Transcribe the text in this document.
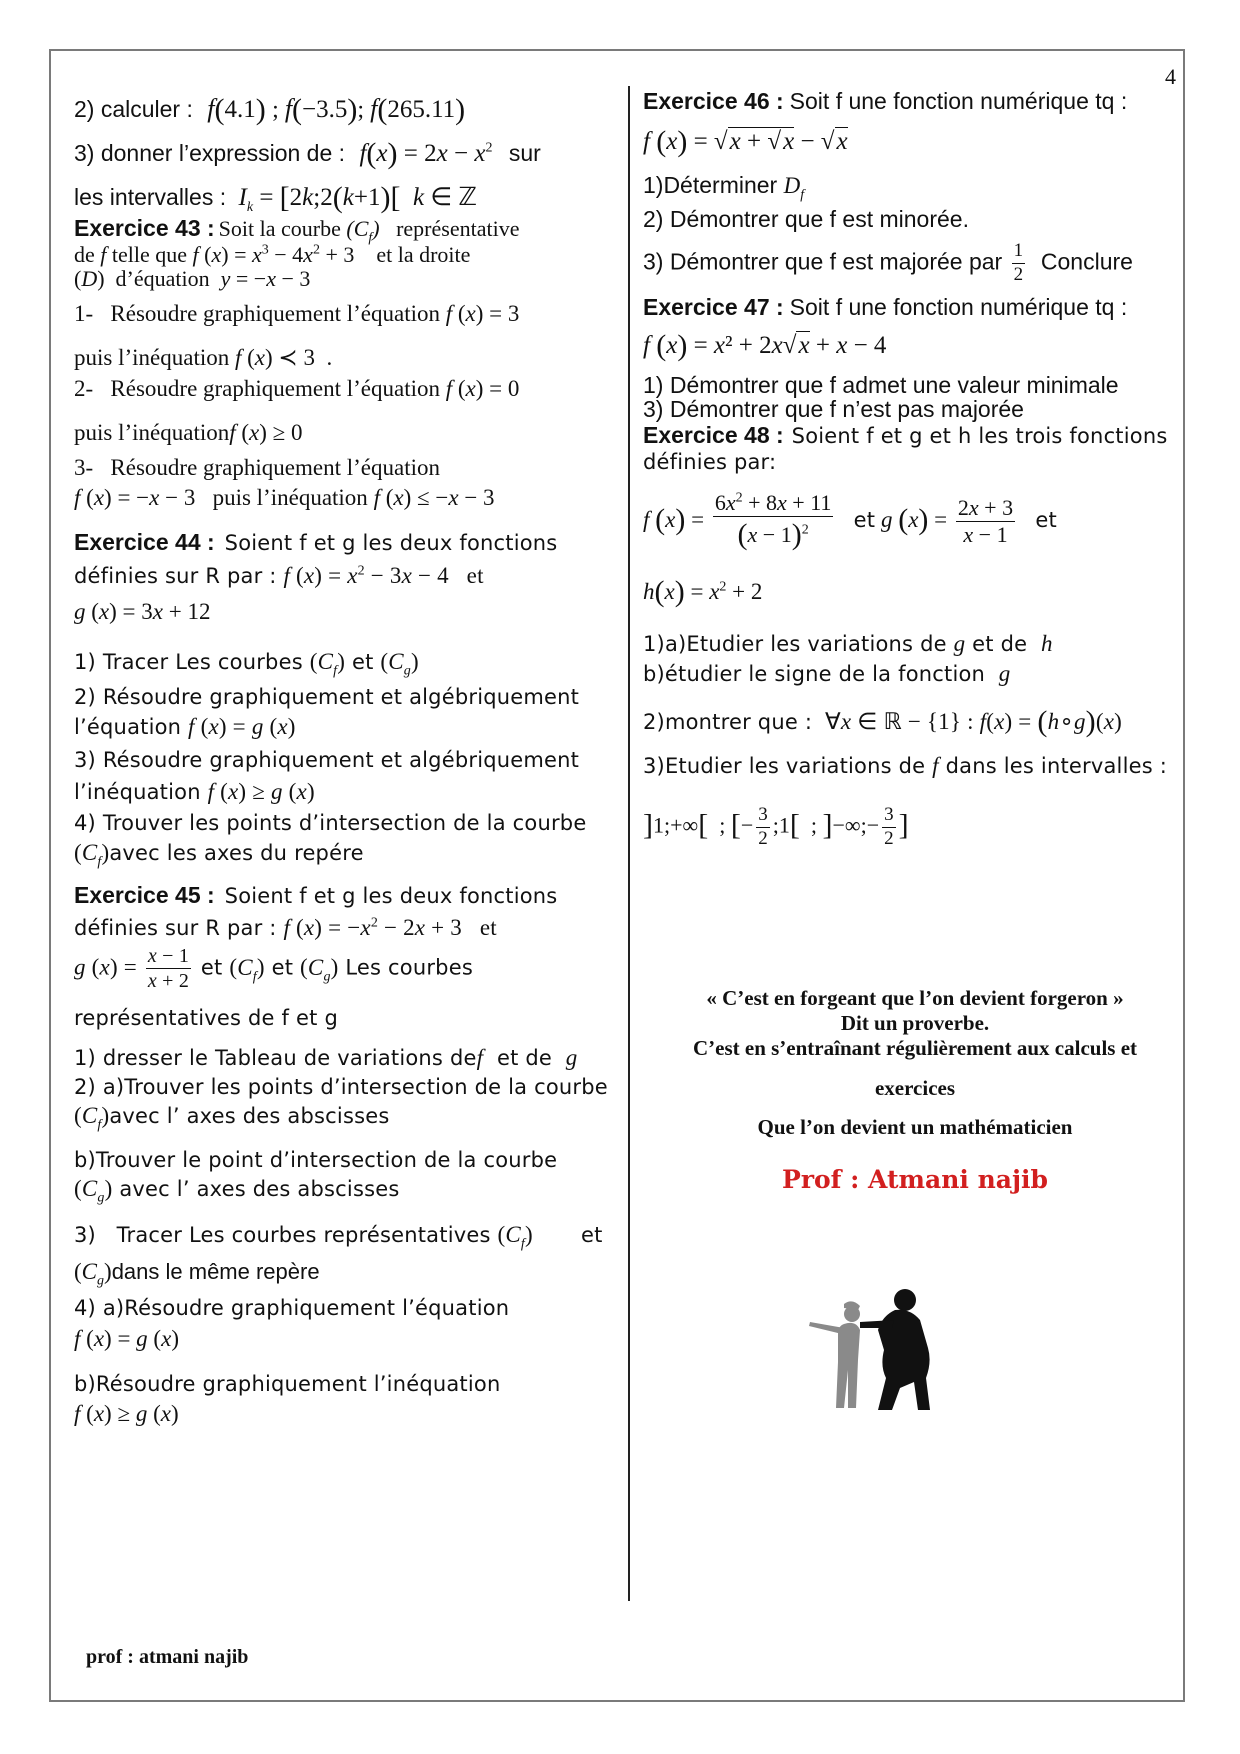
4
2) calculer : f(4.1) ; f(−3.5); f(265.11)
3) donner l’expression de : $f(x) = 2x - x^2$ sur
les intervalles : $I_k$ = [2k;2(k+1)[ k ∈ ℤ
Exercice 43 : Soit la courbe $(C_f)$   représentative
de f telle que f $(x) = x^3 - 4x^2 + 3$    et la droite
(D)  d’équation  y = −x − 3
1-   Résoudre graphiquement l’équation f (x) = 3
puis l’inéquation f (x) ≺ 3  .
2-   Résoudre graphiquement l’équation f (x) = 0
puis l’inéquationf (x) ≥ 0
3-   Résoudre graphiquement l’équation
f (x) = −x − 3   puis l’inéquation f (x) ≤ −x − 3
Exercice 44 : Soient f et g les deux fonctions
définies sur R par : f $(x) = x^2 - 3x - 4$   et
g (x) = 3x + 12
1) Tracer Les courbes $(C_f)$ et $(C_g)$
2) Résoudre graphiquement et algébriquement
l’équation f (x) = g (x)
3) Résoudre graphiquement et algébriquement
l’inéquation f (x) ≥ g (x)
4) Trouver les points d’intersection de la courbe
$(C_f)avec$ les axes du repére
Exercice 45 : Soient f et g les deux fonctions
définies sur R par : f $(x) = -x^2 - 2x + 3$   et
g $(x) = \frac{x - 1}{x + 2}$ et $(C_f)$ et $(C_g)$ Les courbes
représentatives de f et g
1) dresser le Tableau de variations def  et de  g
2) a)Trouver les points d’intersection de la courbe
$(C_f)avec$ l’ axes des abscisses
b)Trouver le point d’intersection de la courbe
$(C_g)$ avec l’ axes des abscisses
3)   Tracer Les courbes représentatives $(C_f)$       et
$(C_g)dans$ le même repère
4) a)Résoudre graphiquement l’équation
f (x) = g (x)
b)Résoudre graphiquement l’inéquation
f (x) ≥ g (x)
Exercice 46 : Soit f une fonction numérique tq :
f (x) = √x + √x − √x
1)Déterminer $D_f$
2) Démontrer que f est minorée.
3) Démontrer que f est majorée par $\frac{1}{2}$ Conclure
Exercice 47 : Soit f une fonction numérique tq :
f (x) = x² + 2x√x + x − 4
1) Démontrer que f admet une valeur minimale
3) Démontrer que f n’est pas majorée
Exercice 48 : Soient f et g et h les trois fonctions
définies par:
f $(x) = \frac{6x^2 + 8x + 11}{(x - 1)^2}$ et g $(x) = \frac{2x + 3}{x - 1}$ et
$h(x) = x^2 + 2$
1)a)Etudier les variations de g et de  h
b)étudier le signe de la fonction  g
2)montrer que :  ∀x ∈ ℝ − {1} : f(x) = (h∘g)(x)
3)Etudier les variations de f dans les intervalles :
]1;+∞[  ; [− $\frac{3}{2}$ ;1[  ; ]−∞;− $\frac{3}{2}$ ]
« C’est en forgeant que l’on devient forgeron »
Dit un proverbe.
C’est en s’entraînant régulièrement aux calculs et
exercices
Que l’on devient un mathématicien
Prof : Atmani najib
prof : atmani najib
